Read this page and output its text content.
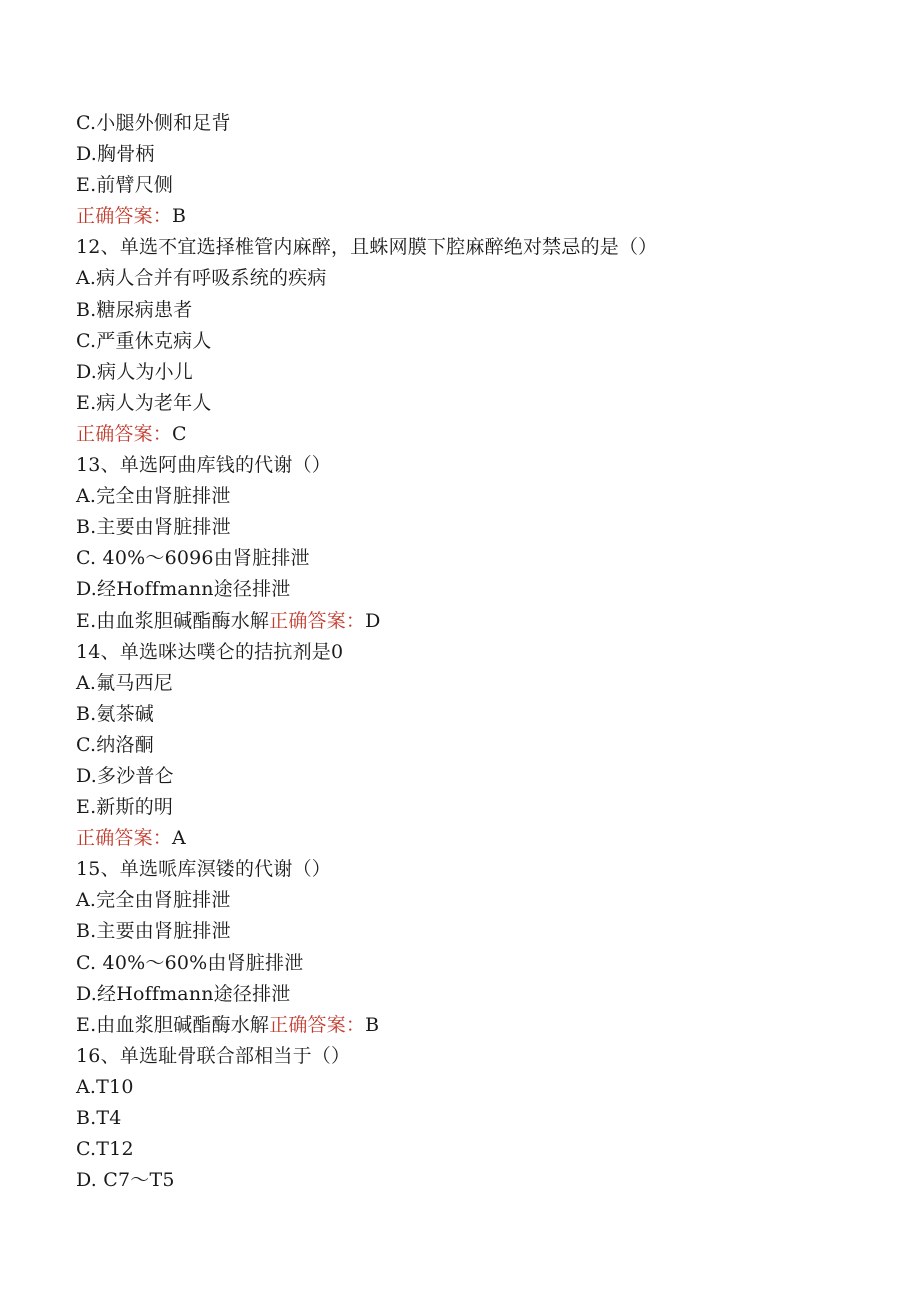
C.小腿外侧和足背
D.胸骨柄
E.前臂尺侧
正确答案：B
12、单选不宜选择椎管内麻醉，且蛛网膜下腔麻醉绝对禁忌的是（）
A.病人合并有呼吸系统的疾病
B.糖尿病患者
C.严重休克病人
D.病人为小儿
E.病人为老年人
正确答案：C
13、单选阿曲库钱的代谢（）
A.完全由肾脏排泄
B.主要由肾脏排泄
C. 40%～6096由肾脏排泄
D.经Hoffmann途径排泄
E.由血浆胆碱酯酶水解正确答案：D
14、单选咪达噗仑的拮抗剂是0
A.氟马西尼
B.氨茶碱
C.纳洛酮
D.多沙普仑
E.新斯的明
正确答案：A
15、单选哌库溟镂的代谢（）
A.完全由肾脏排泄
B.主要由肾脏排泄
C. 40%～60%由肾脏排泄
D.经Hoffmann途径排泄
E.由血浆胆碱酯酶水解正确答案：B
16、单选耻骨联合部相当于（）
A.T10
B.T4
C.T12
D. C7～T5
